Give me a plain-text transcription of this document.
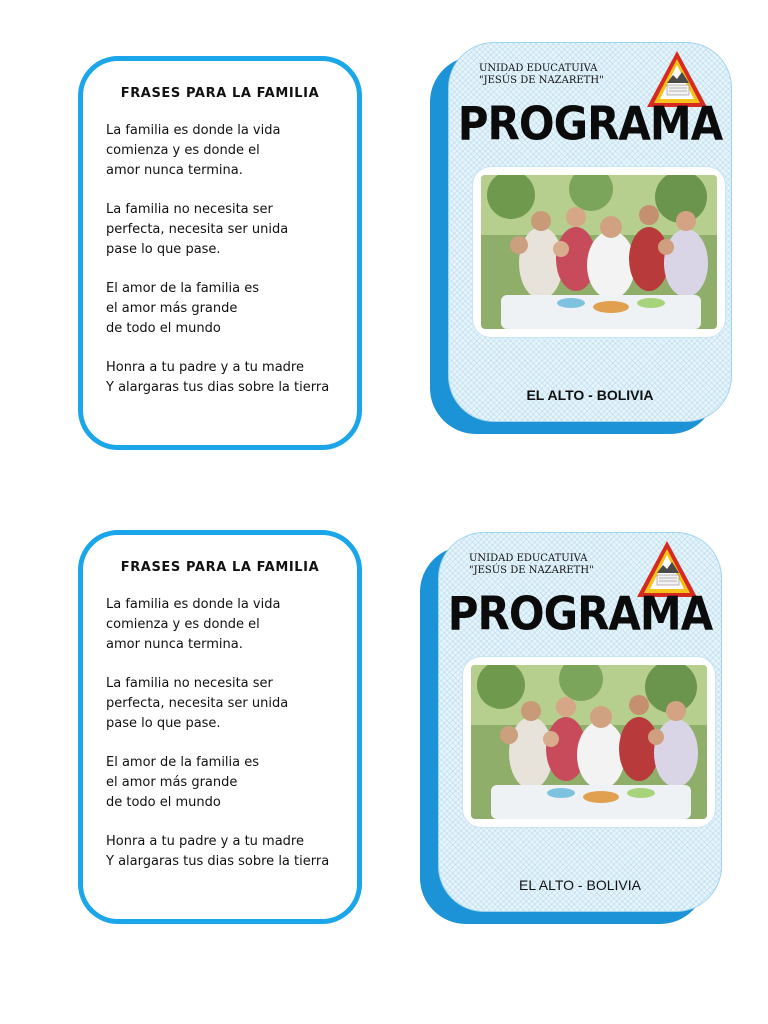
FRASES PARA LA FAMILIA

La familia es donde la vida
comienza y es donde el
amor nunca termina.

La familia no necesita ser
perfecta, necesita ser unida
pase lo que pase.

El amor de la familia es
el amor más grande
de todo el mundo

Honra a tu padre y a tu madre
Y alargaras tus dias sobre la tierra

UNIDAD EDUCATUIVA
"JESÚS DE NAZARETH"
PROGRAMA
EL ALTO - BOLIVIA
FRASES PARA LA FAMILIA

La familia es donde la vida
comienza y es donde el
amor nunca termina.

La familia no necesita ser
perfecta, necesita ser unida
pase lo que pase.

El amor de la familia es
el amor más grande
de todo el mundo

Honra a tu padre y a tu madre
Y alargaras tus dias sobre la tierra

UNIDAD EDUCATUIVA
"JESÚS DE NAZARETH"
PROGRAMA
EL ALTO - BOLIVIA
